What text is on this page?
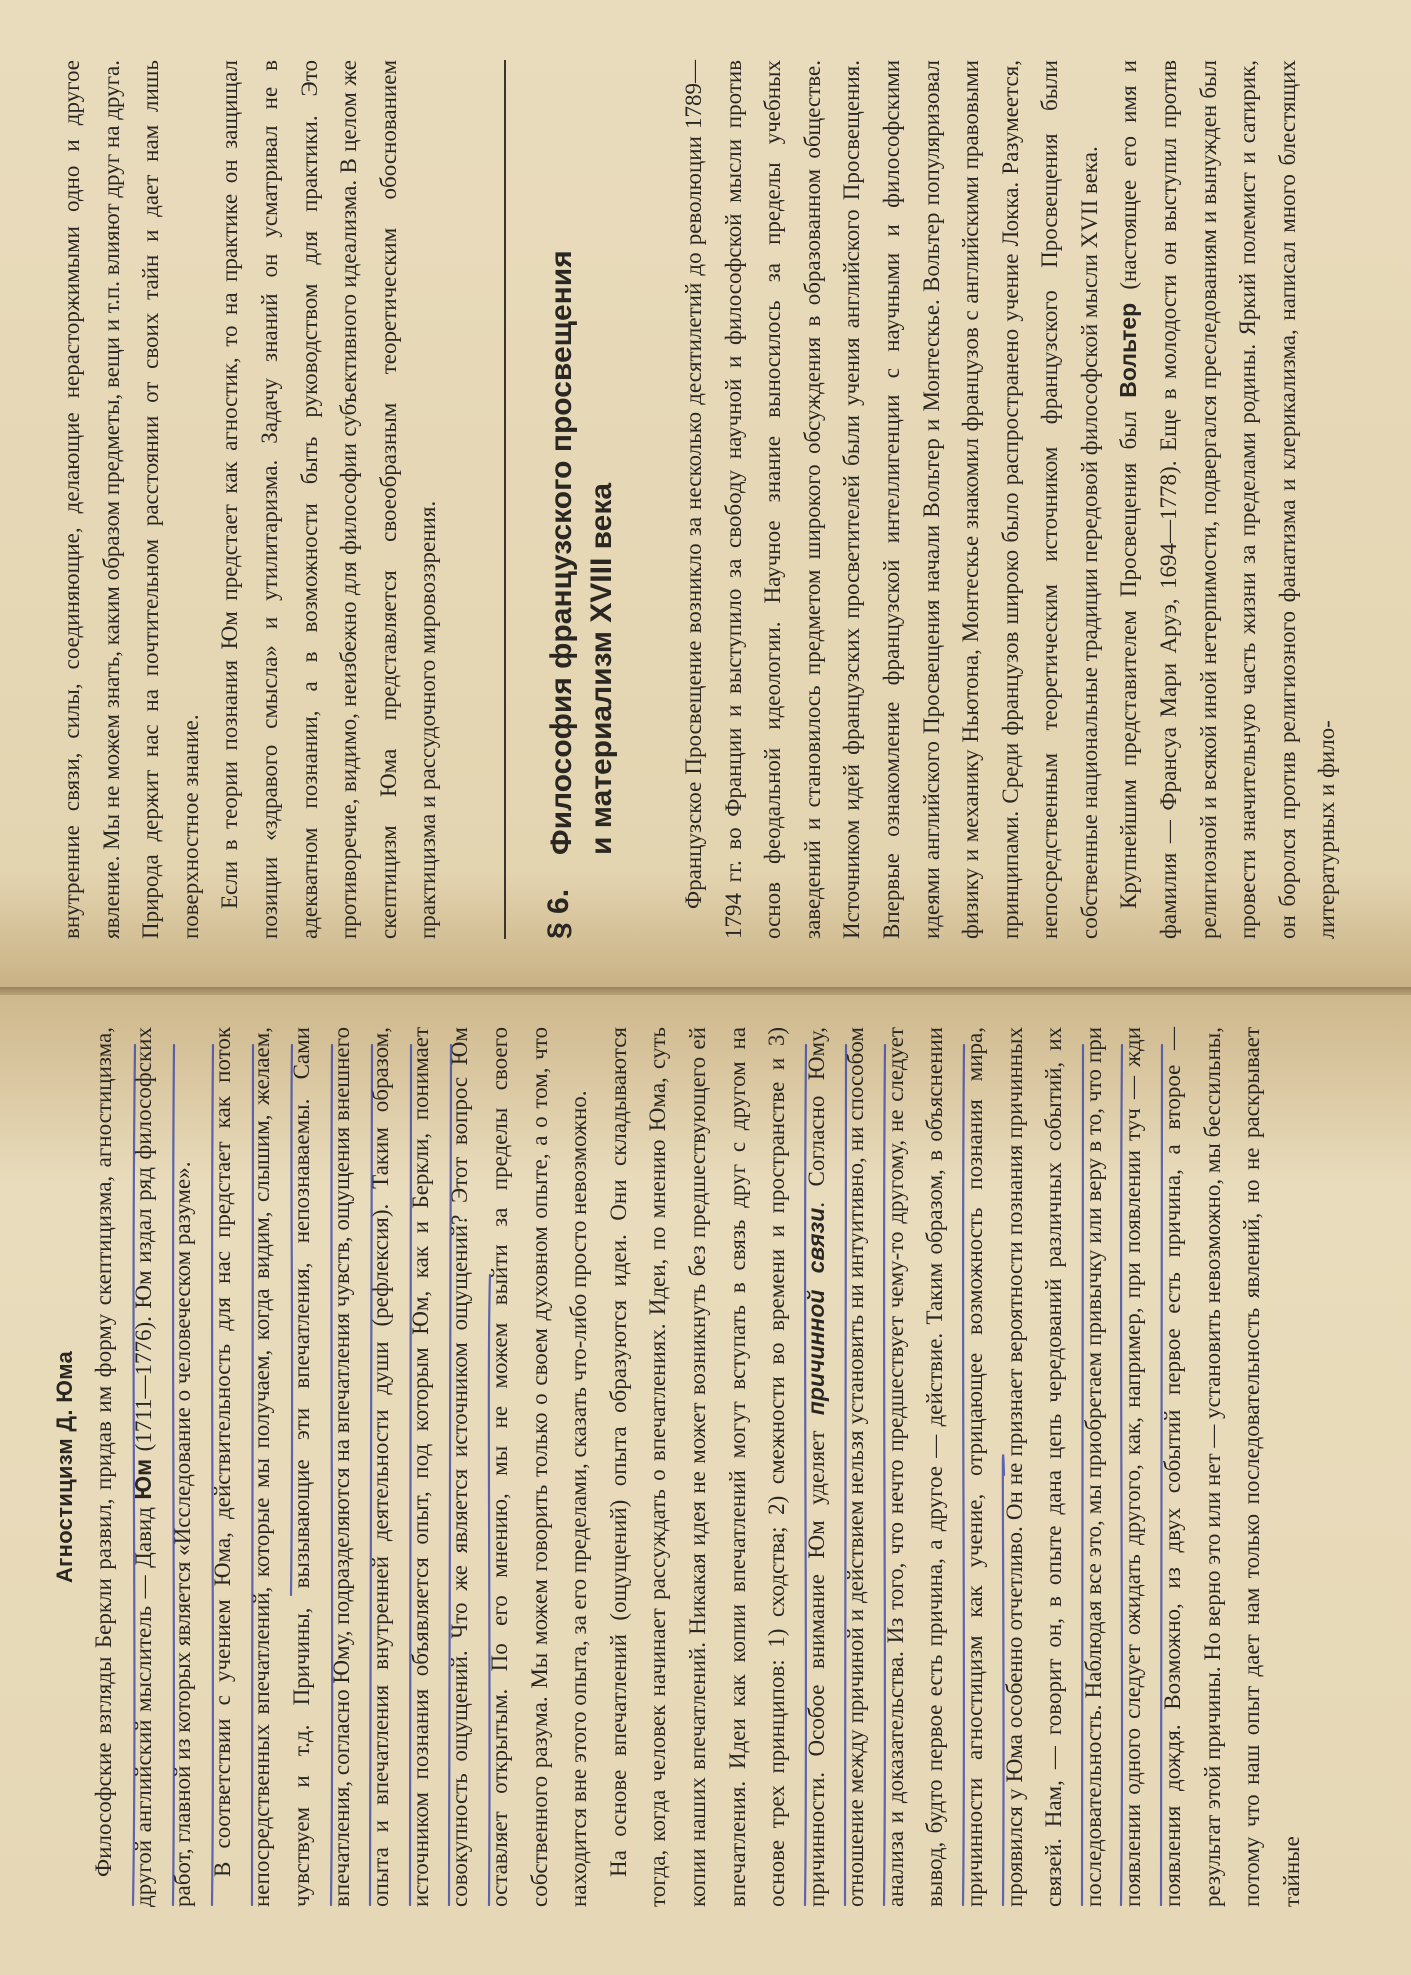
Агностицизм Д. Юма Философские взгляды Беркли развил, придав им форму скептицизма, агностицизма, другой английский мыслитель — Давид Юм (1711—1776). Юм издал ряд философских работ, главной из которых является «Исследование о человеческом разуме». В соответствии с учением Юма, действительность для нас предстает как поток непосредственных впечатлений, которые мы получаем, когда видим, слышим, желаем, чувствуем и т.д. Причины, вызывающие эти впечатления, непознаваемы. Сами впечатления, согласно Юму, подразделяются на впечатления чувств, ощущения внешнего опыта и впечатления внутренней деятельности души (рефлексия). Таким образом, источником познания объявляется опыт, под которым Юм, как и Беркли, понимает совокупность ощущений. Что же является источником ощущений? Этот вопрос Юм оставляет открытым. По его мнению, мы не можем выйти за пределы своего собственного разума. Мы можем говорить только о своем духовном опыте, а о том, что находится вне этого опыта, за его пределами, сказать что-либо просто невозможно. На основе впечатлений (ощущений) опыта образуются идеи. Они складываются тогда, когда человек начинает рассуждать о впечатлениях. Идеи, по мнению Юма, суть копии наших впечатлений. Никакая идея не может возникнуть без предшествующего ей впечатления. Идеи как копии впечатлений могут вступать в связь друг с другом на основе трех принципов: 1) сходства; 2) смежности во времени и пространстве и 3) причинности. Особое внимание Юм уделяет причинной связи. Согласно Юму, отношение между причиной и действием нельзя установить ни интуитивно, ни способом анализа и доказательства. Из того, что нечто предшествует чему-то другому, не следует вывод, будто первое есть причина, а другое — действие. Таким образом, в объяснении причинности агностицизм как учение, отрицающее возможность познания мира, проявился у Юма особенно отчетливо. Он не признает вероятности познания причинных связей. Нам, — говорит он, в опыте дана цепь чередований различных событий, их последовательность. Наблюдая все это, мы приобретаем привычку или веру в то, что при появлении одного следует ожидать другого, как, например, при появлении туч — жди появления дождя. Возможно, из двух событий первое есть причина, а второе — результат этой причины. Но верно это или нет — установить невозможно, мы бессильны, потому что наш опыт дает нам только последовательность явлений, но не раскрывает тайные

внутренние связи, силы, соединяющие, делающие нерасторжимыми одно и другое явление. Мы не можем знать, каким образом предметы, вещи и т.п. влияют друг на друга. Природа держит нас на почтительном расстоянии от своих тайн и дает нам лишь поверхностное знание. Если в теории познания Юм предстает как агностик, то на практике он защищал позиции «здравого смысла» и утилитаризма. Задачу знаний он усматривал не в адекватном познании, а в возможности быть руководством для практики. Это противоречие, видимо, неизбежно для философии субъективного идеализма. В целом же скептицизм Юма представляется своеобразным теоретическим обоснованием практицизма и рассудочного мировоззрения.	§ 6.Философия французского просвещения и материализм XVIII века	Французское Просвещение возникло за несколько десятилетий до революции 1789—1794 гг. во Франции и выступило за свободу научной и философской мысли против основ феодальной идеологии. Научное знание выносилось за пределы учебных заведений и становилось предметом широкого обсуждения в образованном обществе. Источником идей французских просветителей были учения английского Просвещения. Впервые ознакомление французской интеллигенции с научными и философскими идеями английского Просвещения начали Вольтер и Монтескье. Вольтер популяризовал физику и механику Ньютона, Монтескье знакомил французов с английскими правовыми принципами. Среди французов широко было распространено учение Локка. Разумеется, непосредственным теоретическим источником французского Просвещения были собственные национальные традиции передовой философской мысли XVII века. Крупнейшим представителем Просвещения был Вольтер (настоящее его имя и фамилия — Франсуа Мари Аруэ, 1694—1778). Еще в молодости он выступил против религиозной и всякой иной нетерпимости, подвергался преследованиям и вынужден был провести значительную часть жизни за пределами родины. Яркий полемист и сатирик, он боролся против религиозного фанатизма и клерикализма, написал много блестящих литературных и фило-
